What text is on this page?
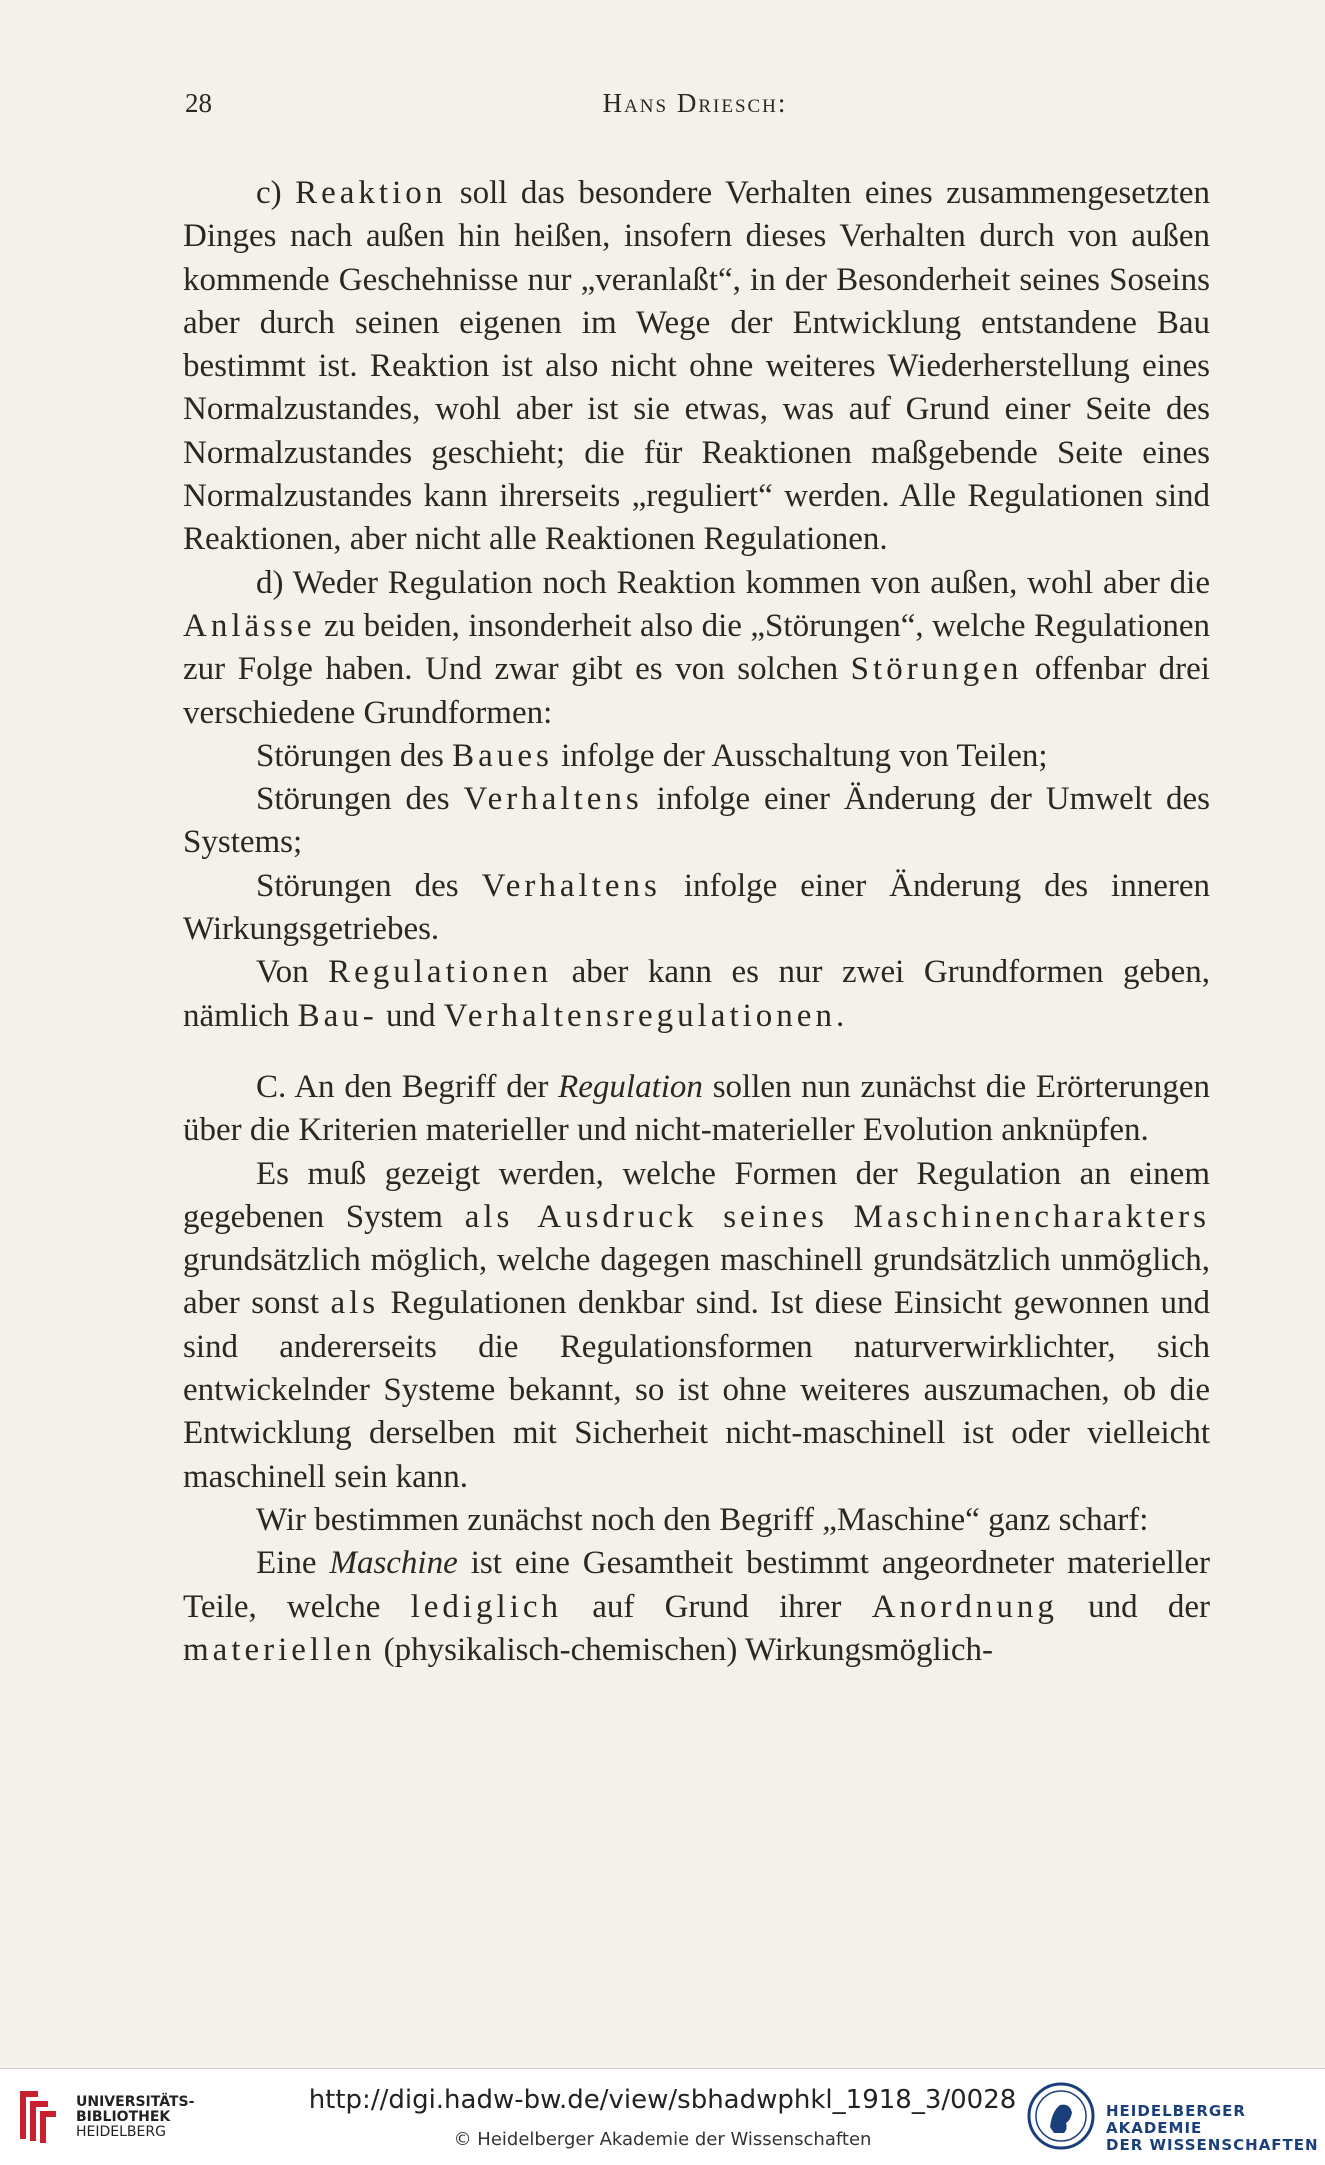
28	Hans Driesch:

c) Reaktion soll das besondere Verhalten eines zusammengesetzten Dinges nach außen hin heißen, insofern dieses Verhalten durch von außen kommende Geschehnisse nur „veranlaßt“, in der Besonderheit seines Soseins aber durch seinen eigenen im Wege der Entwicklung entstandene Bau bestimmt ist. Reaktion ist also nicht ohne weiteres Wiederherstellung eines Normalzustandes, wohl aber ist sie etwas, was auf Grund einer Seite des Normalzustandes geschieht; die für Reaktionen maßgebende Seite eines Normalzustandes kann ihrerseits „reguliert“ werden. Alle Regulationen sind Reaktionen, aber nicht alle Reaktionen Regulationen.

d) Weder Regulation noch Reaktion kommen von außen, wohl aber die Anlässe zu beiden, insonderheit also die „Störungen“, welche Regulationen zur Folge haben. Und zwar gibt es von solchen Störungen offenbar drei verschiedene Grundformen:

Störungen des Baues infolge der Ausschaltung von Teilen;

Störungen des Verhaltens infolge einer Änderung der Umwelt des Systems;

Störungen des Verhaltens infolge einer Änderung des inneren Wirkungsgetriebes.

Von Regulationen aber kann es nur zwei Grundformen geben, nämlich Bau- und Verhaltensregulationen.

C. An den Begriff der Regulation sollen nun zunächst die Erörterungen über die Kriterien materieller und nicht-materieller Evolution anknüpfen.

Es muß gezeigt werden, welche Formen der Regulation an einem gegebenen System als Ausdruck seines Maschinencharakters grundsätzlich möglich, welche dagegen maschinell grundsätzlich unmöglich, aber sonst als Regulationen denkbar sind. Ist diese Einsicht gewonnen und sind andererseits die Regulationsformen naturverwirklichter, sich entwickelnder Systeme bekannt, so ist ohne weiteres auszumachen, ob die Entwicklung derselben mit Sicherheit nicht-maschinell ist oder vielleicht maschinell sein kann.

Wir bestimmen zunächst noch den Begriff „Maschine“ ganz scharf:

Eine Maschine ist eine Gesamtheit bestimmt angeordneter materieller Teile, welche lediglich auf Grund ihrer Anordnung und der materiellen (physikalisch-chemischen) Wirkungsmöglich-

UNIVERSITÄTS-
BIBLIOTHEK
HEIDELBERG
http://digi.hadw-bw.de/view/sbhadwphkl_1918_3/0028
© Heidelberger Akademie der Wissenschaften
HEIDELBERGER AKADEMIE
DER WISSENSCHAFTEN
